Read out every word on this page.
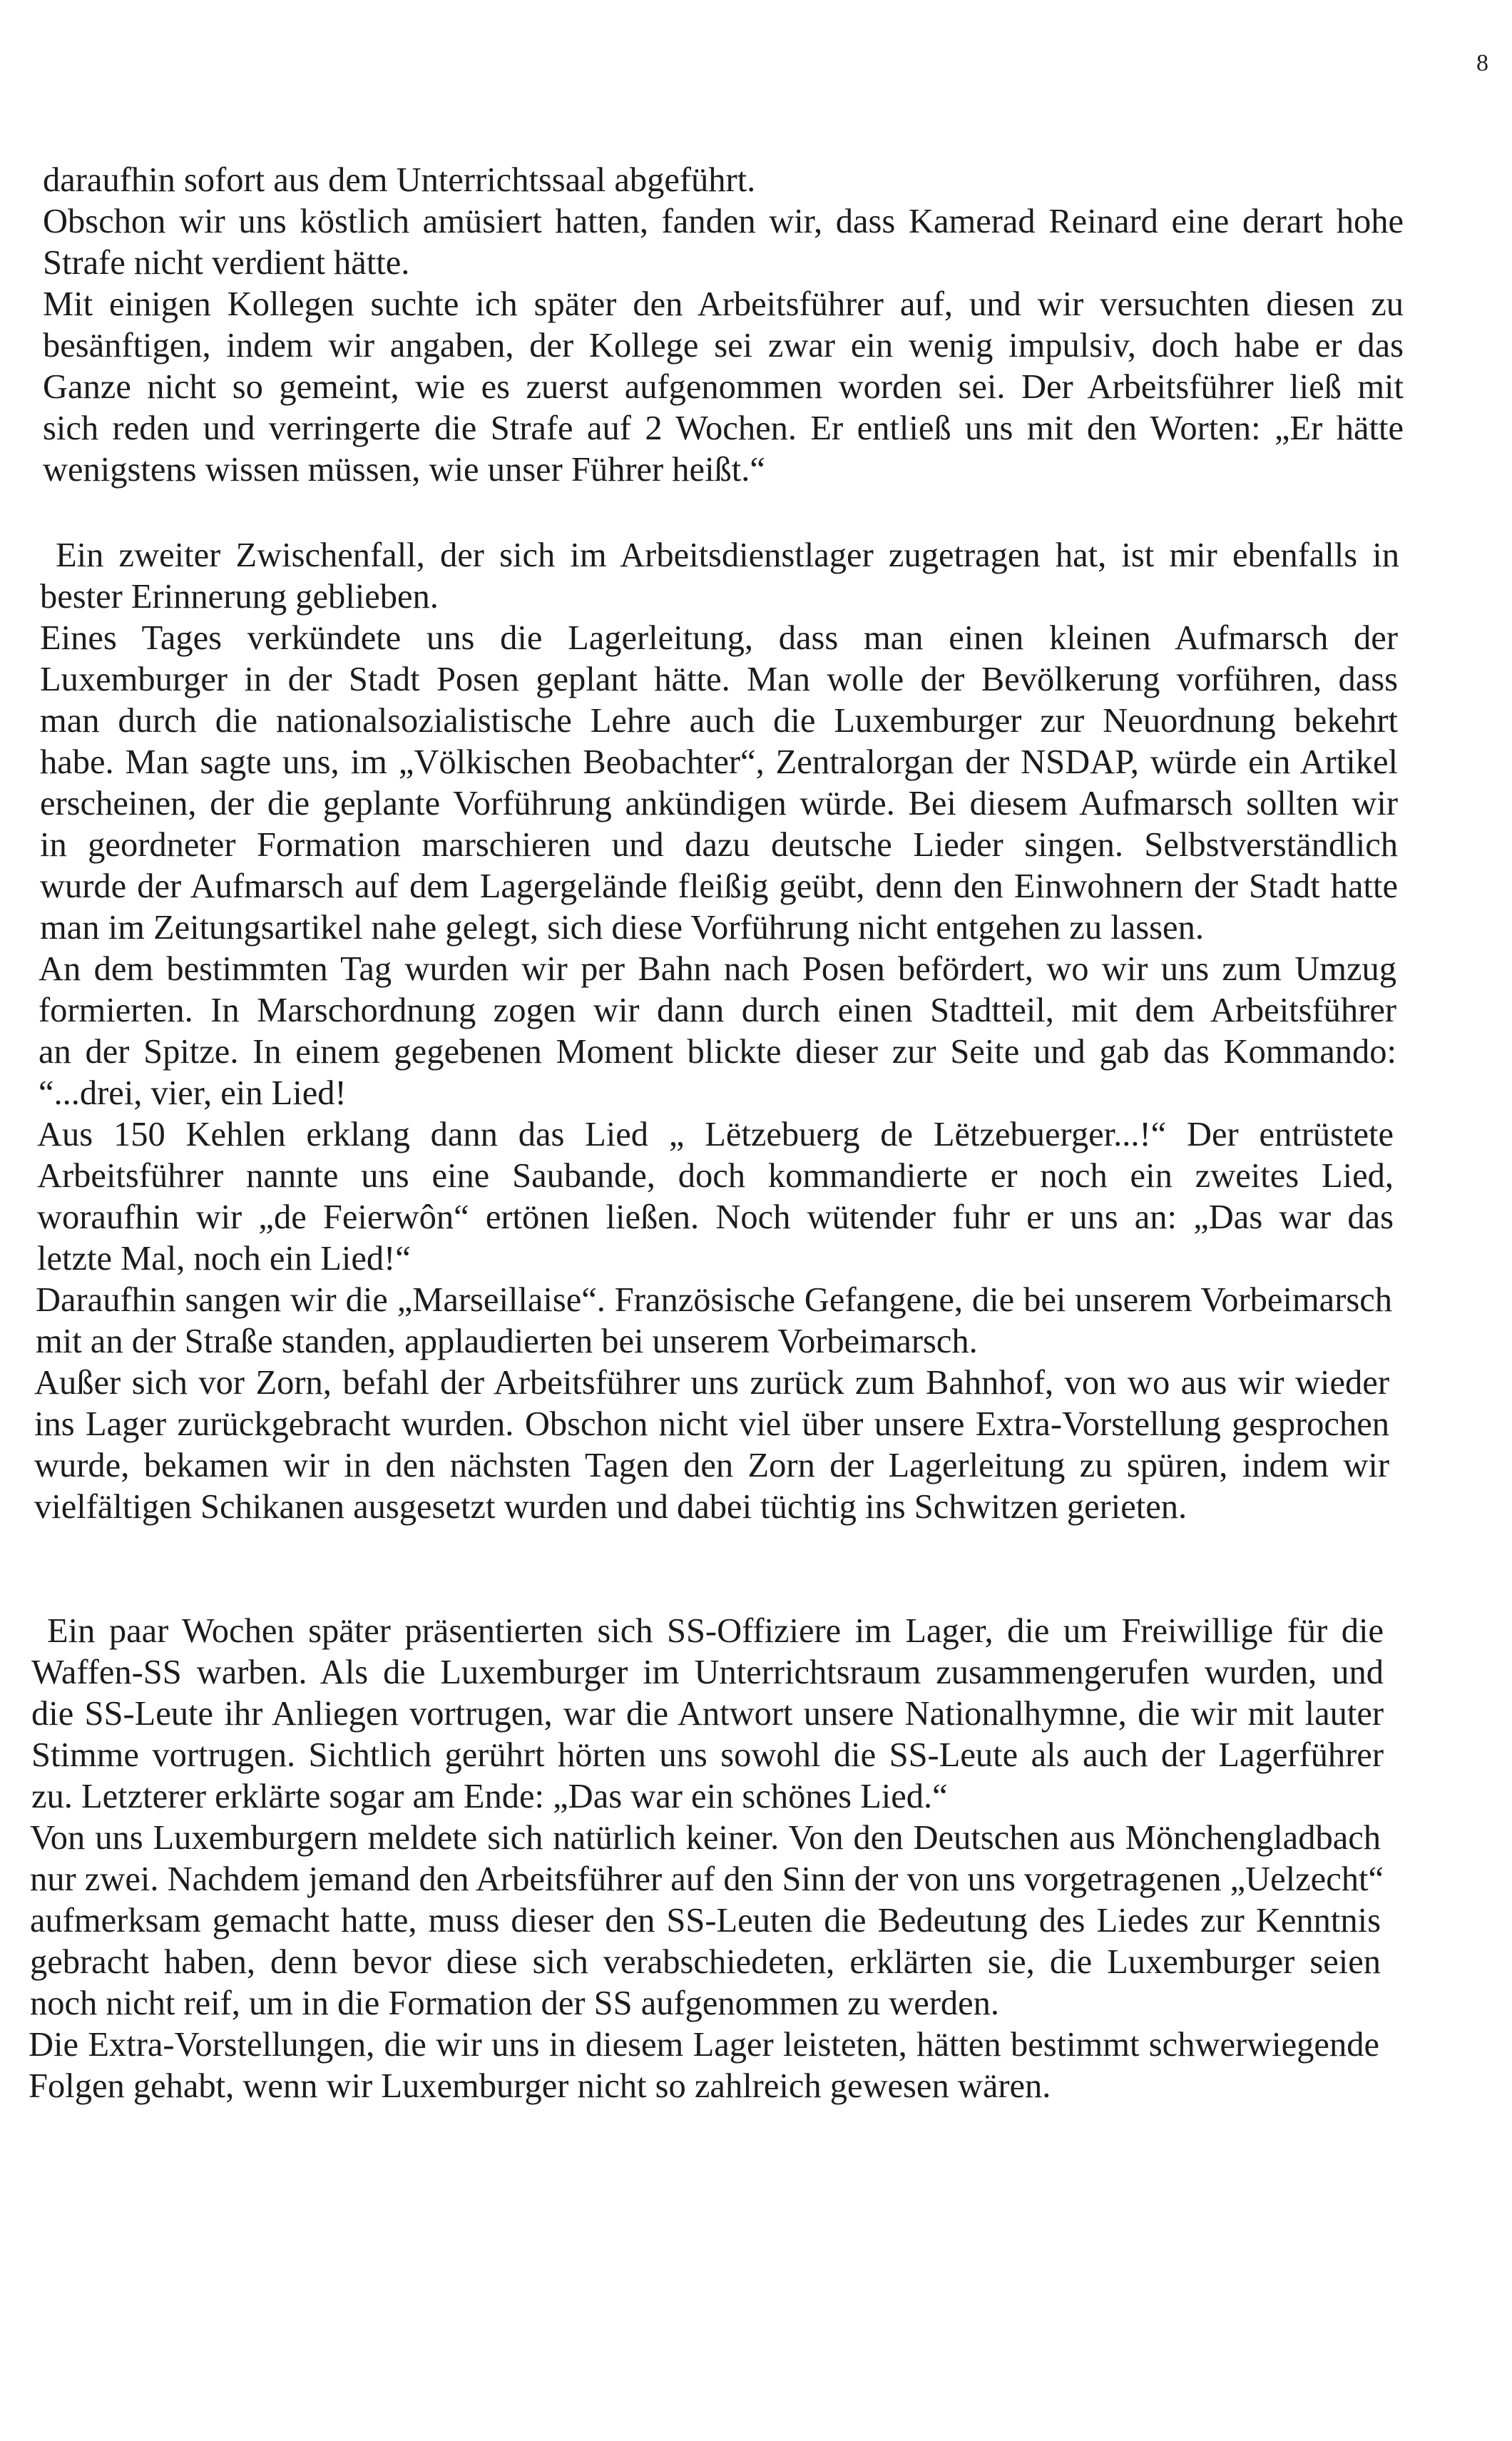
8
daraufhin sofort aus dem Unterrichtssaal abgeführt.
Obschon wir uns köstlich amüsiert hatten, fanden wir, dass Kamerad Reinard eine derart hohe
Strafe nicht verdient hätte.
Mit einigen Kollegen suchte ich später den Arbeitsführer auf, und wir versuchten diesen zu
besänftigen, indem wir angaben, der Kollege sei zwar ein wenig impulsiv, doch habe er das
Ganze nicht so gemeint, wie es zuerst aufgenommen worden sei. Der Arbeitsführer ließ mit
sich reden und verringerte die Strafe auf 2 Wochen. Er entließ uns mit den Worten: „Er hätte
wenigstens wissen müssen, wie unser Führer heißt.“
Ein zweiter Zwischenfall, der sich im Arbeitsdienstlager zugetragen hat, ist mir ebenfalls in
bester Erinnerung geblieben.
Eines Tages verkündete uns die Lagerleitung, dass man einen kleinen Aufmarsch der
Luxemburger in der Stadt Posen geplant hätte. Man wolle der Bevölkerung vorführen, dass
man durch die nationalsozialistische Lehre auch die Luxemburger zur Neuordnung bekehrt
habe. Man sagte uns, im „Völkischen Beobachter“, Zentralorgan der NSDAP, würde ein Artikel
erscheinen, der die geplante Vorführung ankündigen würde. Bei diesem Aufmarsch sollten wir
in geordneter Formation marschieren und dazu deutsche Lieder singen. Selbstverständlich
wurde der Aufmarsch auf dem Lagergelände fleißig geübt, denn den Einwohnern der Stadt hatte
man im Zeitungsartikel nahe gelegt, sich diese Vorführung nicht entgehen zu lassen.
An dem bestimmten Tag wurden wir per Bahn nach Posen befördert, wo wir uns zum Umzug
formierten. In Marschordnung zogen wir dann durch einen Stadtteil, mit dem Arbeitsführer
an der Spitze. In einem gegebenen Moment blickte dieser zur Seite und gab das Kommando:
“...drei, vier, ein Lied!
Aus 150 Kehlen erklang dann das Lied „ Lëtzebuerg de Lëtzebuerger...!“ Der entrüstete
Arbeitsführer nannte uns eine Saubande, doch kommandierte er noch ein zweites Lied,
woraufhin wir „de Feierwôn“ ertönen ließen. Noch wütender fuhr er uns an: „Das war das
letzte Mal, noch ein Lied!“
Daraufhin sangen wir die „Marseillaise“. Französische Gefangene, die bei unserem Vorbeimarsch
mit an der Straße standen, applaudierten bei unserem Vorbeimarsch.
Außer sich vor Zorn, befahl der Arbeitsführer uns zurück zum Bahnhof, von wo aus wir wieder
ins Lager zurückgebracht wurden. Obschon nicht viel über unsere Extra-Vorstellung gesprochen
wurde, bekamen wir in den nächsten Tagen den Zorn der Lagerleitung zu spüren, indem wir
vielfältigen Schikanen ausgesetzt wurden und dabei tüchtig ins Schwitzen gerieten.
Ein paar Wochen später präsentierten sich SS-Offiziere im Lager, die um Freiwillige für die
Waffen-SS warben. Als die Luxemburger im Unterrichtsraum zusammengerufen wurden, und
die SS-Leute ihr Anliegen vortrugen, war die Antwort unsere Nationalhymne, die wir mit lauter
Stimme vortrugen. Sichtlich gerührt hörten uns sowohl die SS-Leute als auch der Lagerführer
zu. Letzterer erklärte sogar am Ende: „Das war ein schönes Lied.“
Von uns Luxemburgern meldete sich natürlich keiner. Von den Deutschen aus Mönchengladbach
nur zwei. Nachdem jemand den Arbeitsführer auf den Sinn der von uns vorgetragenen „Uelzecht“
aufmerksam gemacht hatte, muss dieser den SS-Leuten die Bedeutung des Liedes zur Kenntnis
gebracht haben, denn bevor diese sich verabschiedeten, erklärten sie, die Luxemburger seien
noch nicht reif, um in die Formation der SS aufgenommen zu werden.
Die Extra-Vorstellungen, die wir uns in diesem Lager leisteten, hätten bestimmt schwerwiegende
Folgen gehabt, wenn wir Luxemburger nicht so zahlreich gewesen wären.
